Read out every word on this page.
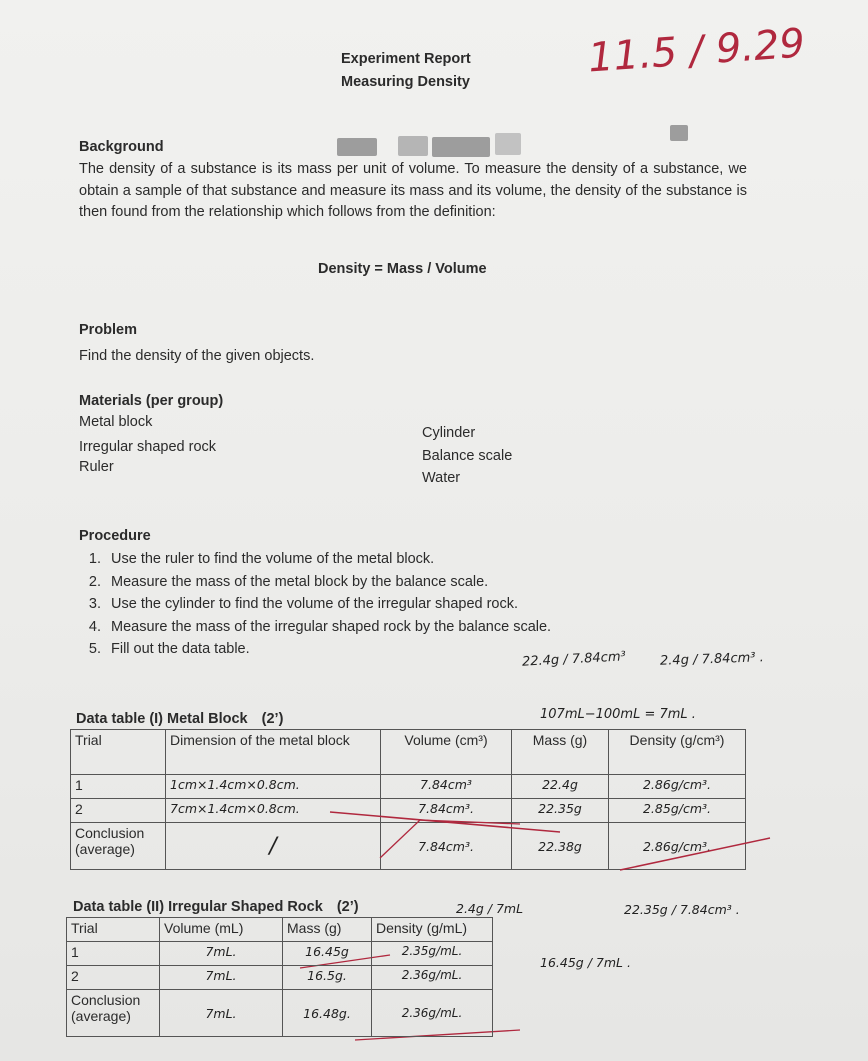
Experiment Report
Measuring Density
11.5 / 9.29
Background
The density of a substance is its mass per unit of volume. To measure the density of a substance, we obtain a sample of that substance and measure its mass and its volume, the density of the substance is then found from the relationship which follows from the definition:
Density = Mass / Volume
Problem
Find the density of the given objects.
Materials (per group)
Metal block
Irregular shaped rock
Ruler
Cylinder
Balance scale
Water
Procedure
1. Use the ruler to find the volume of the metal block.
2. Measure the mass of the metal block by the balance scale.
3. Use the cylinder to find the volume of the irregular shaped rock.
4. Measure the mass of the irregular shaped rock by the balance scale.
5. Fill out the data table.
22.4g / 7.84cm³	2.4g / 7.84cm³ .
107mL−100mL = 7mL .
2.4g / 7mL	22.35g / 7.84cm³ .
16.45g / 7mL .
Data table (I) Metal Block (2’)
Trial	Dimension of the metal block	Volume (cm³)	Mass (g)	Density (g/cm³)
1	1cm×1.4cm×0.8cm.	7.84cm³	22.4g	2.86g/cm³.
2	7cm×1.4cm×0.8cm.	7.84cm³.	22.35g	2.85g/cm³.
Conclusion (average)	/	7.84cm³.	22.38g	2.86g/cm³.
Data table (II) Irregular Shaped Rock (2’)
Trial	Volume (mL)	Mass (g)	Density (g/mL)
1	7mL.	16.45g	2.35g/mL.
2	7mL.	16.5g.	2.36g/mL.
Conclusion (average)	7mL.	16.48g.	2.36g/mL.
